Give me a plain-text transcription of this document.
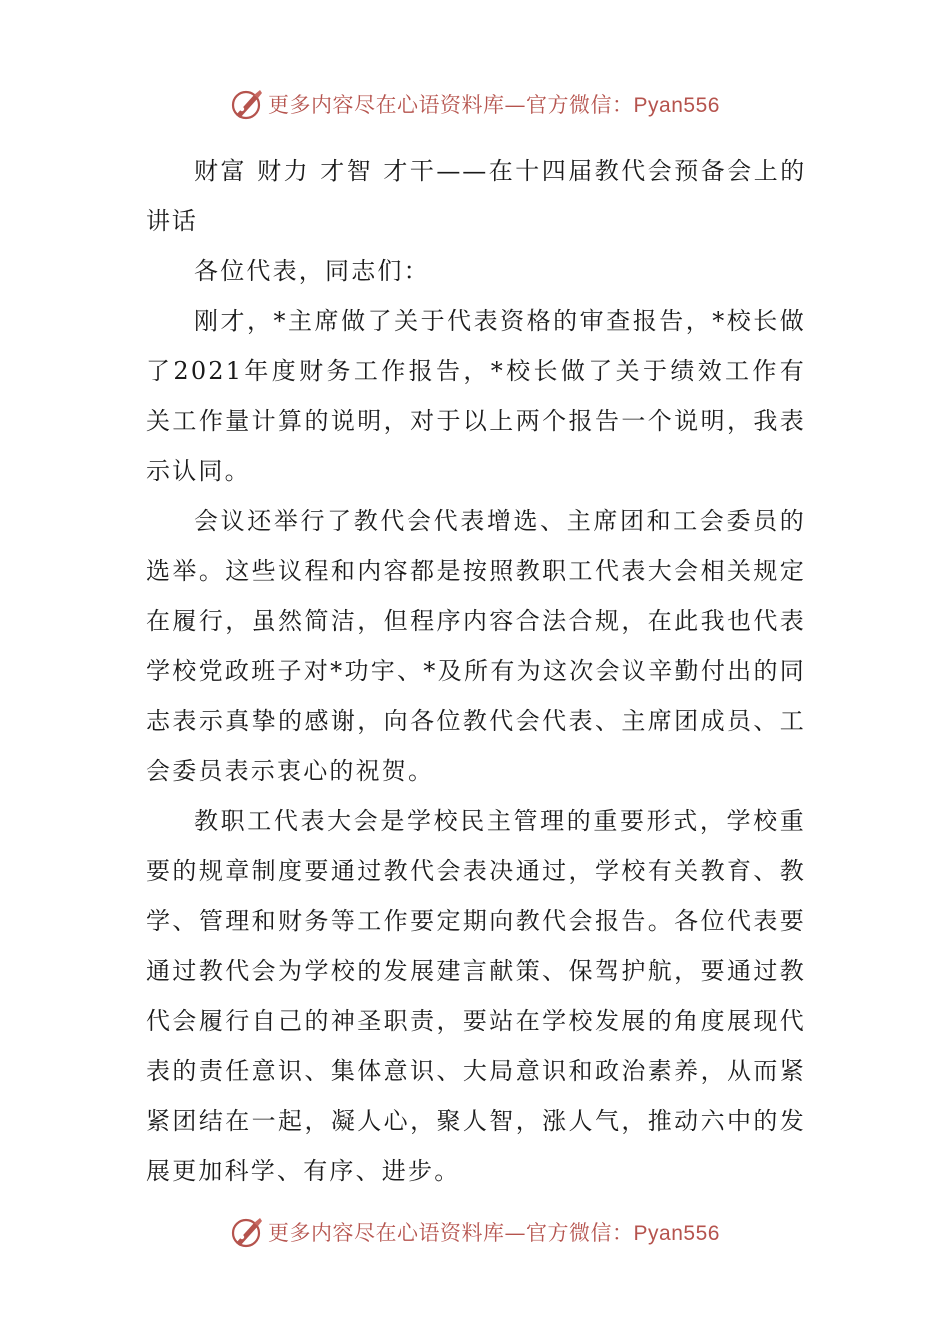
更多内容尽在心语资料库—官方微信：Pyan556

财富 财力 才智 才干——在十四届教代会预备会上的讲话

各位代表，同志们：

刚才，*主席做了关于代表资格的审查报告，*校长做了2021年度财务工作报告，*校长做了关于绩效工作有关工作量计算的说明，对于以上两个报告一个说明，我表示认同。

会议还举行了教代会代表增选、主席团和工会委员的选举。这些议程和内容都是按照教职工代表大会相关规定在履行，虽然简洁，但程序内容合法合规，在此我也代表学校党政班子对*功宇、*及所有为这次会议辛勤付出的同志表示真挚的感谢，向各位教代会代表、主席团成员、工会委员表示衷心的祝贺。

教职工代表大会是学校民主管理的重要形式，学校重要的规章制度要通过教代会表决通过，学校有关教育、教学、管理和财务等工作要定期向教代会报告。各位代表要通过教代会为学校的发展建言献策、保驾护航，要通过教代会履行自己的神圣职责，要站在学校发展的角度展现代表的责任意识、集体意识、大局意识和政治素养，从而紧紧团结在一起，凝人心，聚人智，涨人气，推动六中的发展更加科学、有序、进步。

更多内容尽在心语资料库—官方微信：Pyan556
